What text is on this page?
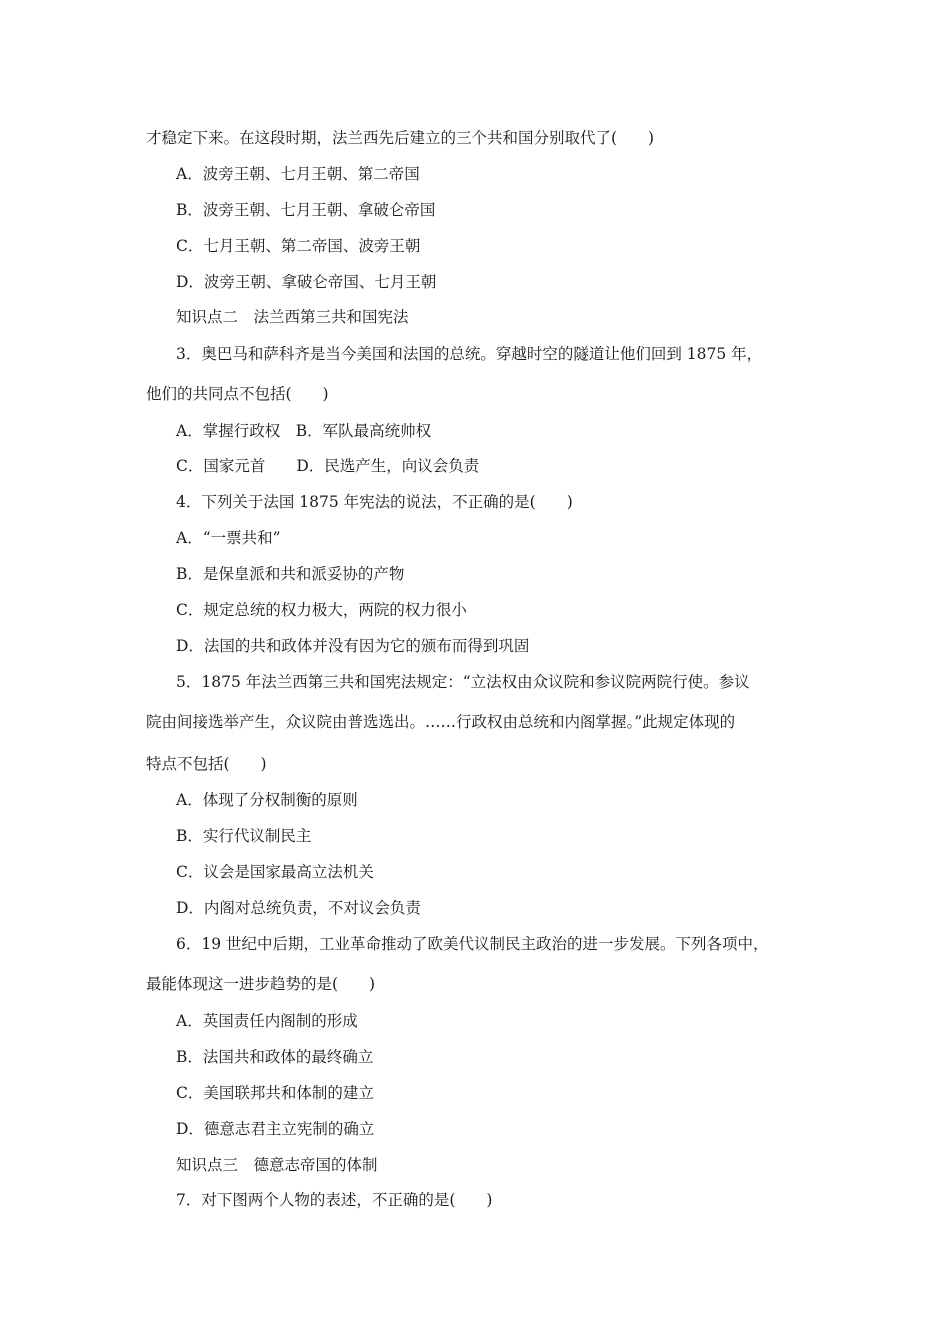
才稳定下来。在这段时期，法兰西先后建立的三个共和国分别取代了(　　)
A．波旁王朝、七月王朝、第二帝国
B．波旁王朝、七月王朝、拿破仑帝国
C．七月王朝、第二帝国、波旁王朝
D．波旁王朝、拿破仑帝国、七月王朝
知识点二　法兰西第三共和国宪法
3．奥巴马和萨科齐是当今美国和法国的总统。穿越时空的隧道让他们回到 1875 年，
他们的共同点不包括(　　)
A．掌握行政权　B．军队最高统帅权
C．国家元首　　D．民选产生，向议会负责
4．下列关于法国 1875 年宪法的说法，不正确的是(　　)
A．“一票共和”
B．是保皇派和共和派妥协的产物
C．规定总统的权力极大，两院的权力很小
D．法国的共和政体并没有因为它的颁布而得到巩固
5．1875 年法兰西第三共和国宪法规定：“立法权由众议院和参议院两院行使。参议
院由间接选举产生，众议院由普选选出。……行政权由总统和内阁掌握。”此规定体现的
特点不包括(　　)
A．体现了分权制衡的原则
B．实行代议制民主
C．议会是国家最高立法机关
D．内阁对总统负责，不对议会负责
6．19 世纪中后期，工业革命推动了欧美代议制民主政治的进一步发展。下列各项中，
最能体现这一进步趋势的是(　　)
A．英国责任内阁制的形成
B．法国共和政体的最终确立
C．美国联邦共和体制的建立
D．德意志君主立宪制的确立
知识点三　德意志帝国的体制
7．对下图两个人物的表述，不正确的是(　　)
